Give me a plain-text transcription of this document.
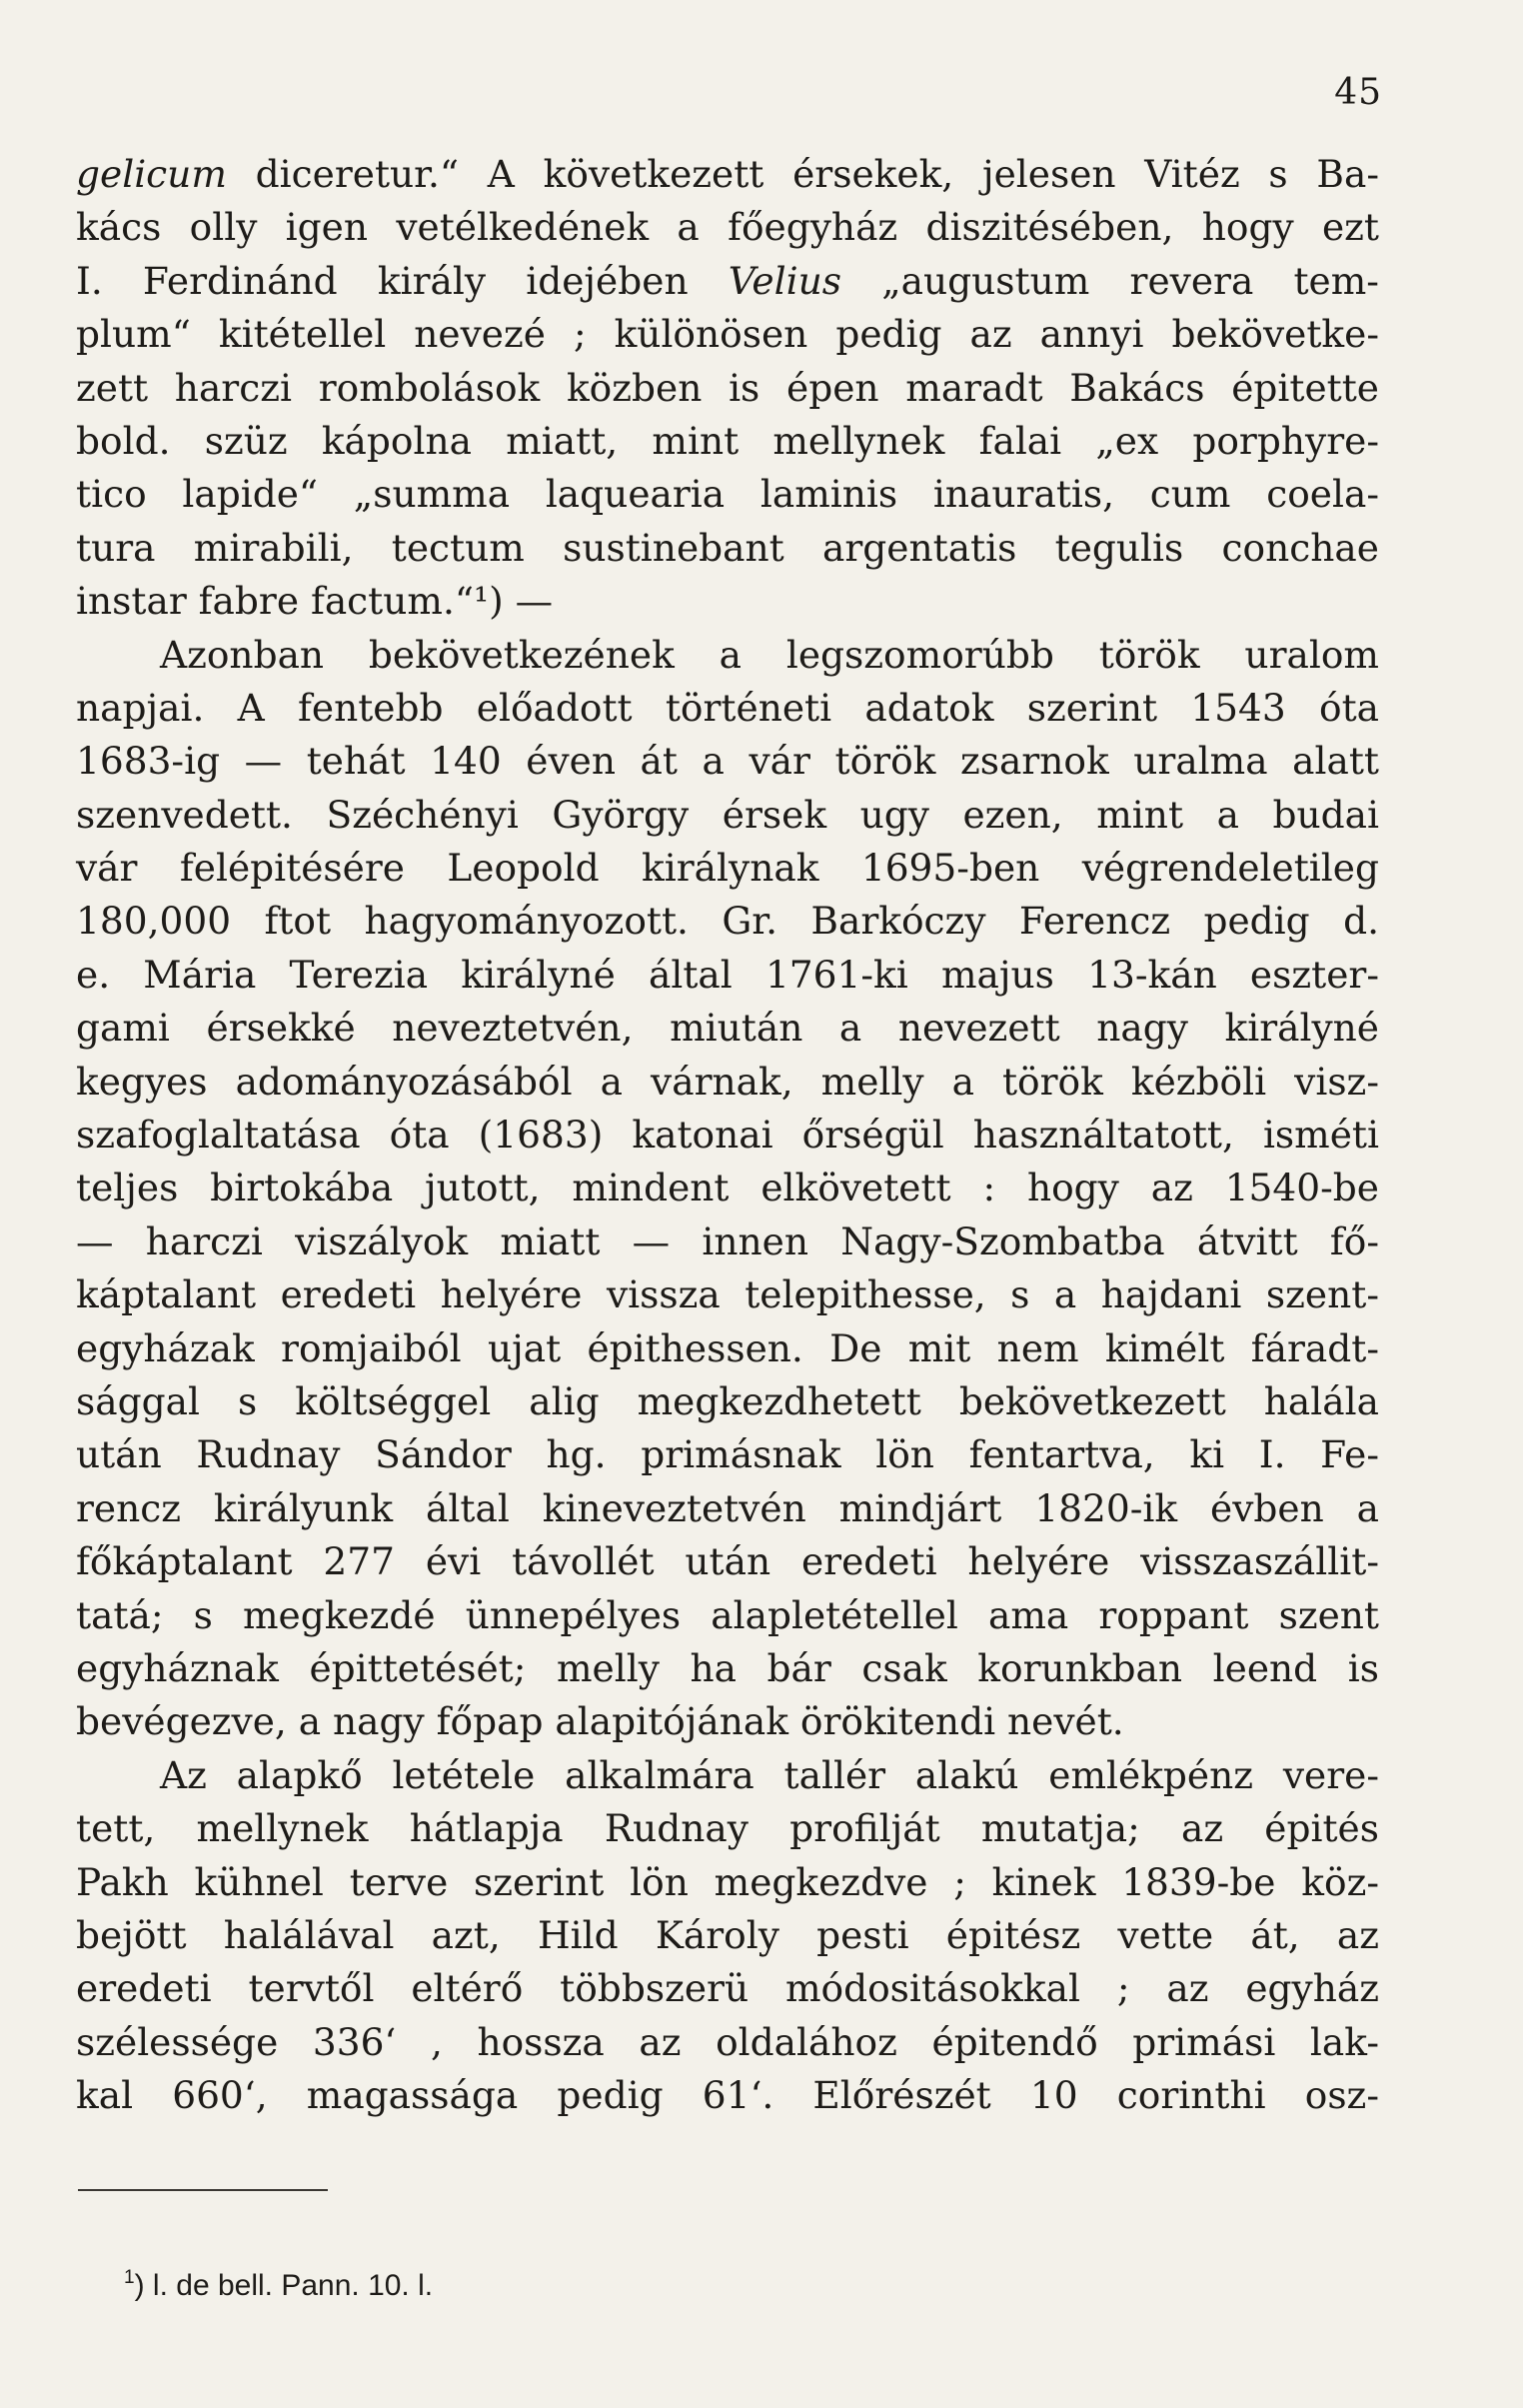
45
gelicum diceretur.“ A következett érsekek, jelesen Vitéz s Ba-
kács olly igen vetélkedének a főegyház diszitésében, hogy ezt
I. Ferdinánd király idejében Velius „augustum revera tem-
plum“ kitétellel nevezé ; különösen pedig az annyi bekövetke-
zett harczi rombolások közben is épen maradt Bakács épitette
bold. szüz kápolna miatt, mint mellynek falai „ex porphyre-
tico lapide“ „summa laquearia laminis inauratis, cum coela-
tura mirabili, tectum sustinebant argentatis tegulis conchae
instar fabre factum.“¹) —
Azonban bekövetkezének a legszomorúbb török uralom
napjai. A fentebb előadott történeti adatok szerint 1543 óta
1683-ig — tehát 140 éven át a vár török zsarnok uralma alatt
szenvedett. Széchényi György érsek ugy ezen, mint a budai
vár felépitésére Leopold királynak 1695-ben végrendeletileg
180,000 ftot hagyományozott. Gr. Barkóczy Ferencz pedig d.
e. Mária Terezia királyné által 1761-ki majus 13-kán eszter-
gami érsekké neveztetvén, miután a nevezett nagy királyné
kegyes adományozásából a várnak, melly a török kézböli visz-
szafoglaltatása óta (1683) katonai őrségül használtatott, isméti
teljes birtokába jutott, mindent elkövetett : hogy az 1540-be
— harczi viszályok miatt — innen Nagy-Szombatba átvitt fő-
káptalant eredeti helyére vissza telepithesse, s a hajdani szent-
egyházak romjaiból ujat épithessen. De mit nem kimélt fáradt-
sággal s költséggel alig megkezdhetett bekövetkezett halála
után Rudnay Sándor hg. primásnak lön fentartva, ki I. Fe-
rencz királyunk által kineveztetvén mindjárt 1820-ik évben a
főkáptalant 277 évi távollét után eredeti helyére visszaszállit-
tatá; s megkezdé ünnepélyes alapletétellel ama roppant szent
egyháznak épittetését; melly ha bár csak korunkban leend is
bevégezve, a nagy főpap alapitójának örökitendi nevét.
Az alapkő letétele alkalmára tallér alakú emlékpénz vere-
tett, mellynek hátlapja Rudnay profilját mutatja; az épités
Pakh kühnel terve szerint lön megkezdve ; kinek 1839-be köz-
bejött halálával azt, Hild Károly pesti épitész vette át, az
eredeti tervtől eltérő többszerü módositásokkal ; az egyház
szélessége 336‘ , hossza az oldalához épitendő primási lak-
kal 660‘, magassága pedig 61‘. Előrészét 10 corinthi osz-
$^1$) l. de bell. Pann. 10. l.
